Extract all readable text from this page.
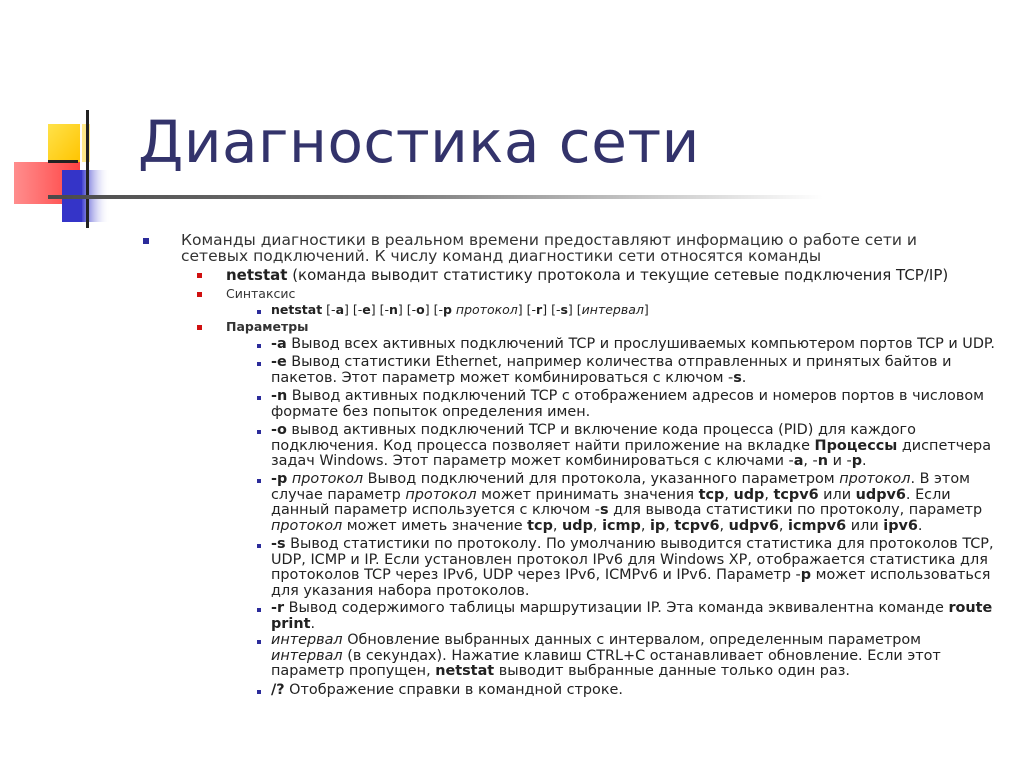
Диагностика сети
Команды диагностики в реальном времени предоставляют информацию о работе сети и сетевых подключений. К числу команд диагностики сети относятся команды
netstat (команда выводит статистику протокола и текущие сетевые подключения TCP/IP)
Синтаксис
netstat [-a] [-e] [-n] [-o] [-p протокол] [-r] [-s] [интервал]
Параметры
-a Вывод всех активных подключений TCP и прослушиваемых компьютером портов TCP и UDP.
-e Вывод статистики Ethernet, например количества отправленных и принятых байтов и пакетов. Этот параметр может комбинироваться с ключом -s.
-n Вывод активных подключений TCP с отображением адресов и номеров портов в числовом формате без попыток определения имен.
-o вывод активных подключений TCP и включение кода процесса (PID) для каждого подключения. Код процесса позволяет найти приложение на вкладке Процессы диспетчера задач Windows. Этот параметр может комбинироваться с ключами -a, -n и -p.
-p протокол Вывод подключений для протокола, указанного параметром протокол. В этом случае параметр протокол может принимать значения tcp, udp, tcpv6 или udpv6. Если данный параметр используется с ключом -s для вывода статистики по протоколу, параметр протокол может иметь значение tcp, udp, icmp, ip, tcpv6, udpv6, icmpv6 или ipv6.
-s Вывод статистики по протоколу. По умолчанию выводится статистика для протоколов TCP, UDP, ICMP и IP. Если установлен протокол IPv6 для Windows XP, отображается статистика для протоколов TCP через IPv6, UDP через IPv6, ICMPv6 и IPv6. Параметр -p может использоваться для указания набора протоколов.
-r Вывод содержимого таблицы маршрутизации IP. Эта команда эквивалентна команде route print.
интервал Обновление выбранных данных с интервалом, определенным параметром интервал (в секундах). Нажатие клавиш CTRL+C останавливает обновление. Если этот параметр пропущен, netstat выводит выбранные данные только один раз.
/? Отображение справки в командной строке.
